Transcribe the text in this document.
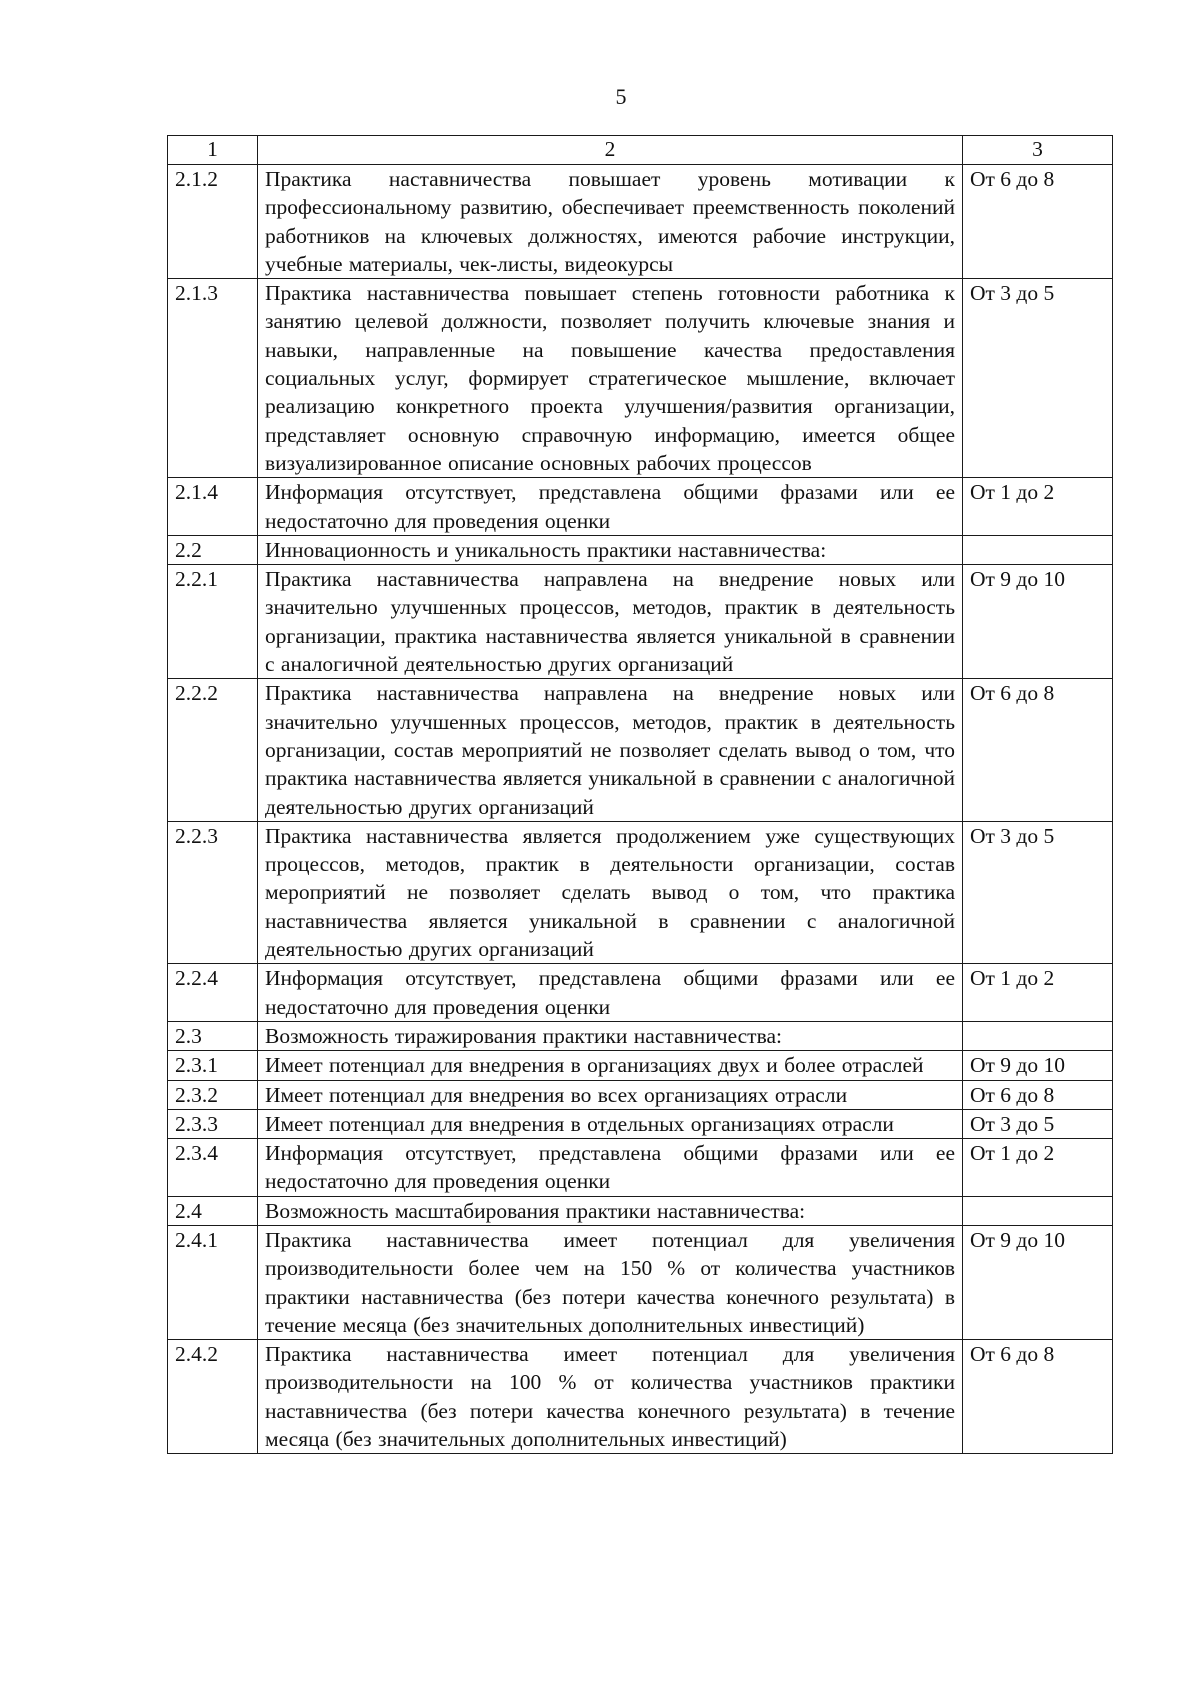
5
1	2	3
2.1.2	Практика наставничества повышает уровень мотивации к профессиональному развитию, обеспечивает преемственность поколений работников на ключевых должностях, имеются рабочие инструкции, учебные материалы, чек-листы, видеокурсы	От 6 до 8
2.1.3	Практика наставничества повышает степень готовности работника к занятию целевой должности, позволяет получить ключевые знания и навыки, направленные на повышение качества предоставления социальных услуг, формирует стратегическое мышление, включает реализацию конкретного проекта улучшения/развития организации, представляет основную справочную информацию, имеется общее визуализированное описание основных рабочих процессов	От 3 до 5
2.1.4	Информация отсутствует, представлена общими фразами или ее недостаточно для проведения оценки	От 1 до 2
2.2	Инновационность и уникальность практики наставничества:	
2.2.1	Практика наставничества направлена на внедрение новых или значительно улучшенных процессов, методов, практик в деятельность организации, практика наставничества является уникальной в сравнении с аналогичной деятельностью других организаций	От 9 до 10
2.2.2	Практика наставничества направлена на внедрение новых или значительно улучшенных процессов, методов, практик в деятельность организации, состав мероприятий не позволяет сделать вывод о том, что практика наставничества является уникальной в сравнении с аналогичной деятельностью других организаций	От 6 до 8
2.2.3	Практика наставничества является продолжением уже существующих процессов, методов, практик в деятельности организации, состав мероприятий не позволяет сделать вывод о том, что практика наставничества является уникальной в сравнении с аналогичной деятельностью других организаций	От 3 до 5
2.2.4	Информация отсутствует, представлена общими фразами или ее недостаточно для проведения оценки	От 1 до 2
2.3	Возможность тиражирования практики наставничества:	
2.3.1	Имеет потенциал для внедрения в организациях двух и более отраслей	От 9 до 10
2.3.2	Имеет потенциал для внедрения во всех организациях отрасли	От 6 до 8
2.3.3	Имеет потенциал для внедрения в отдельных организациях отрасли	От 3 до 5
2.3.4	Информация отсутствует, представлена общими фразами или ее недостаточно для проведения оценки	От 1 до 2
2.4	Возможность масштабирования практики наставничества:	
2.4.1	Практика наставничества имеет потенциал для увеличения производительности более чем на 150 % от количества участников практики наставничества (без потери качества конечного результата) в течение месяца (без значительных дополнительных инвестиций)	От 9 до 10
2.4.2	Практика наставничества имеет потенциал для увеличения производительности на 100 % от количества участников практики наставничества (без потери качества конечного результата) в течение месяца (без значительных дополнительных инвестиций)	От 6 до 8
